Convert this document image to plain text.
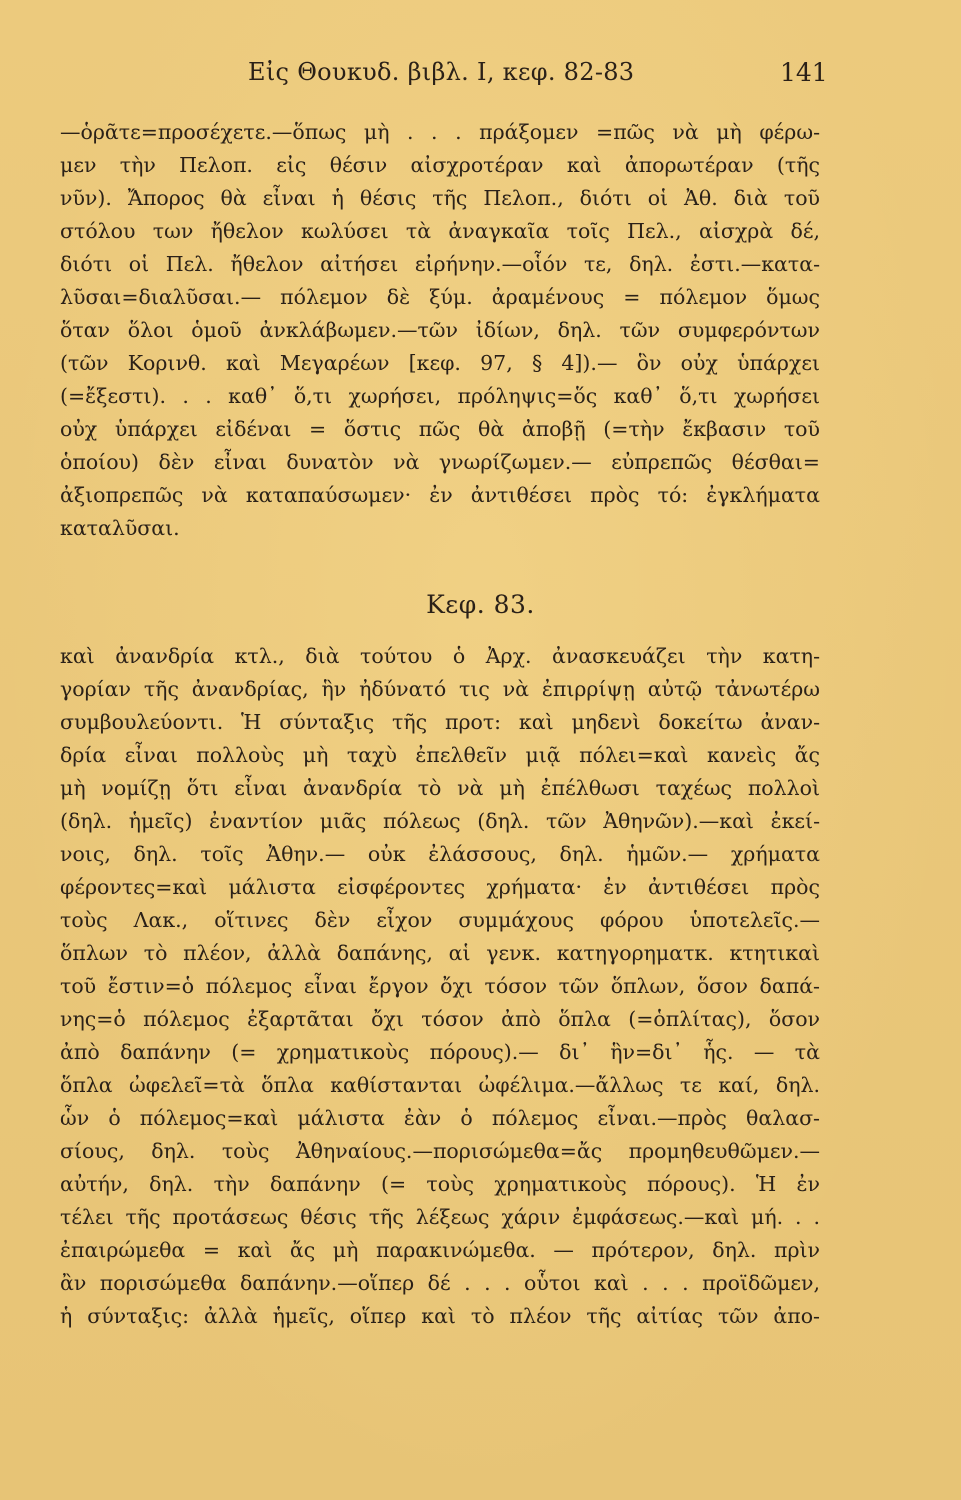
Εἰς Θουκυδ. βιβλ. I, κεφ. 82-83	141
—ὁρᾶτε=προσέχετε.—ὅπως μὴ . . . πράξομεν =πῶς νὰ μὴ φέρω-
μεν τὴν Πελοπ. εἰς θέσιν αἰσχροτέραν καὶ ἀπορωτέραν (τῆς
νῦν). Ἄπορος θὰ εἶναι ἡ θέσις τῆς Πελοπ., διότι οἱ Ἀθ. διὰ τοῦ
στόλου των ἤθελον κωλύσει τὰ ἀναγκαῖα τοῖς Πελ., αἰσχρὰ δέ,
διότι οἱ Πελ. ἤθελον αἰτήσει εἰρήνην.—οἷόν τε, δηλ. ἐστι.—κατα-
λῦσαι=διαλῦσαι.— πόλεμον δὲ ξύμ. ἀραμένους = πόλεμον ὅμως
ὅταν ὅλοι ὁμοῦ ἀνκλάβωμεν.—τῶν ἰδίων, δηλ. τῶν συμφερόντων
(τῶν Κορινθ. καὶ Μεγαρέων [κεφ. 97, § 4]).— ὃν οὐχ ὑπάρχει
(=ἔξεστι). . . καθ᾽ ὅ,τι χωρήσει, πρόληψις=ὅς καθ᾽ ὅ,τι χωρήσει
οὐχ ὑπάρχει εἰδέναι = ὅστις πῶς θὰ ἀποβῇ (=τὴν ἔκβασιν τοῦ
ὁποίου) δὲν εἶναι δυνατὸν νὰ γνωρίζωμεν.— εὐπρεπῶς θέσθαι=
ἀξιοπρεπῶς νὰ καταπαύσωμεν· ἐν ἀντιθέσει πρὸς τό: ἐγκλήματα
καταλῦσαι.
Κεφ. 83.
καὶ ἀνανδρία κτλ., διὰ τούτου ὁ Ἀρχ. ἀνασκευάζει τὴν κατη-
γορίαν τῆς ἀνανδρίας, ἣν ἠδύνατό τις νὰ ἐπιρρίψῃ αὐτῷ τἀνωτέρω
συμβουλεύοντι. Ἡ σύνταξις τῆς προτ: καὶ μηδενὶ δοκείτω ἀναν-
δρία εἶναι πολλοὺς μὴ ταχὺ ἐπελθεῖν μιᾷ πόλει=καὶ κανεὶς ἄς
μὴ νομίζῃ ὅτι εἶναι ἀνανδρία τὸ νὰ μὴ ἐπέλθωσι ταχέως πολλοὶ
(δηλ. ἡμεῖς) ἐναντίον μιᾶς πόλεως (δηλ. τῶν Ἀθηνῶν).—καὶ ἐκεί-
νοις, δηλ. τοῖς Ἀθην.— οὐκ ἐλάσσους, δηλ. ἡμῶν.— χρήματα
φέροντες=καὶ μάλιστα εἰσφέροντες χρήματα· ἐν ἀντιθέσει πρὸς
τοὺς Λακ., οἵτινες δὲν εἶχον συμμάχους φόρου ὑποτελεῖς.—
ὅπλων τὸ πλέον, ἀλλὰ δαπάνης, αἱ γενκ. κατηγορηματκ. κτητικαὶ
τοῦ ἔστιν=ὁ πόλεμος εἶναι ἔργον ὄχι τόσον τῶν ὅπλων, ὅσον δαπά-
νης=ὁ πόλεμος ἐξαρτᾶται ὄχι τόσον ἀπὸ ὅπλα (=ὁπλίτας), ὅσον
ἀπὸ δαπάνην (= χρηματικοὺς πόρους).— δι᾽ ἣν=δι᾽ ἧς. — τὰ
ὅπλα ὠφελεῖ=τὰ ὅπλα καθίστανται ὠφέλιμα.—ἄλλως τε καί, δηλ.
ὧν ὁ πόλεμος=καὶ μάλιστα ἐὰν ὁ πόλεμος εἶναι.—πρὸς θαλασ-
σίους, δηλ. τοὺς Ἀθηναίους.—πορισώμεθα=ἄς προμηθευθῶμεν.—
αὐτήν, δηλ. τὴν δαπάνην (= τοὺς χρηματικοὺς πόρους). Ἡ ἐν
τέλει τῆς προτάσεως θέσις τῆς λέξεως χάριν ἐμφάσεως.—καὶ μή. . .
ἐπαιρώμεθα = καὶ ἄς μὴ παρακινώμεθα. — πρότερον, δηλ. πρὶν
ἂν πορισώμεθα δαπάνην.—οἵπερ δέ . . . οὗτοι καὶ . . . προϊδῶμεν,
ἡ σύνταξις: ἀλλὰ ἡμεῖς, οἵπερ καὶ τὸ πλέον τῆς αἰτίας τῶν ἀπο-
